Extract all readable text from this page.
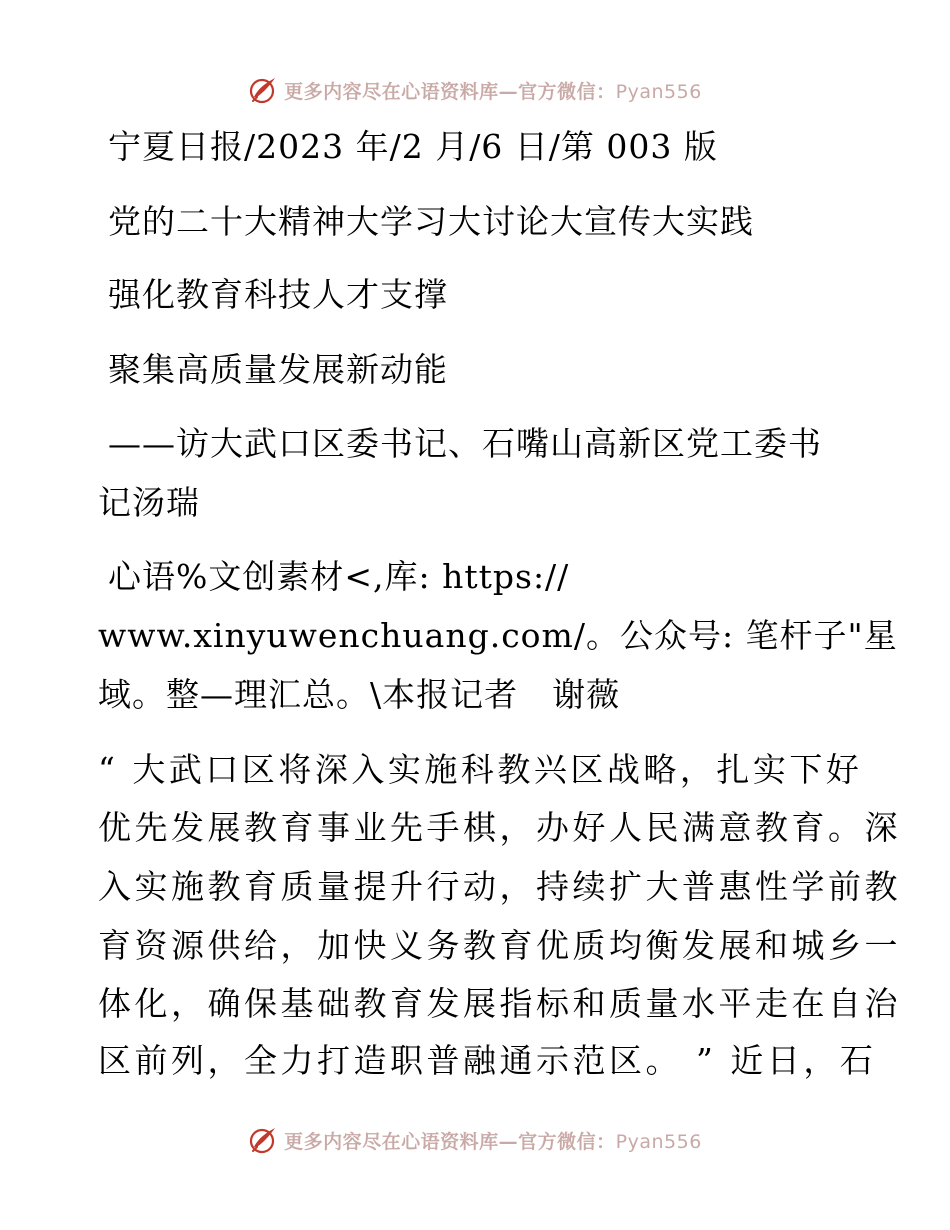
更多内容尽在心语资料库—官方微信：Pyan556
宁夏日报/2023 年/2 月/6 日/第 003 版
党的二十大精神大学习大讨论大宣传大实践
强化教育科技人才支撑
聚集高质量发展新动能
——访大武口区委书记、石嘴山高新区党工委书
记汤瑞
心语%文创素材<,库: https://
www.xinyuwenchuang.com/。公众号: 笔杆子"星
域。整—理汇总。\本报记者　谢薇
“ 大武口区将深入实施科教兴区战略，扎实下好
优先发展教育事业先手棋，办好人民满意教育。深
入实施教育质量提升行动，持续扩大普惠性学前教
育资源供给，加快义务教育优质均衡发展和城乡一
体化，确保基础教育发展指标和质量水平走在自治
区前列，全力打造职普融通示范区。 ” 近日，石
更多内容尽在心语资料库—官方微信：Pyan556
